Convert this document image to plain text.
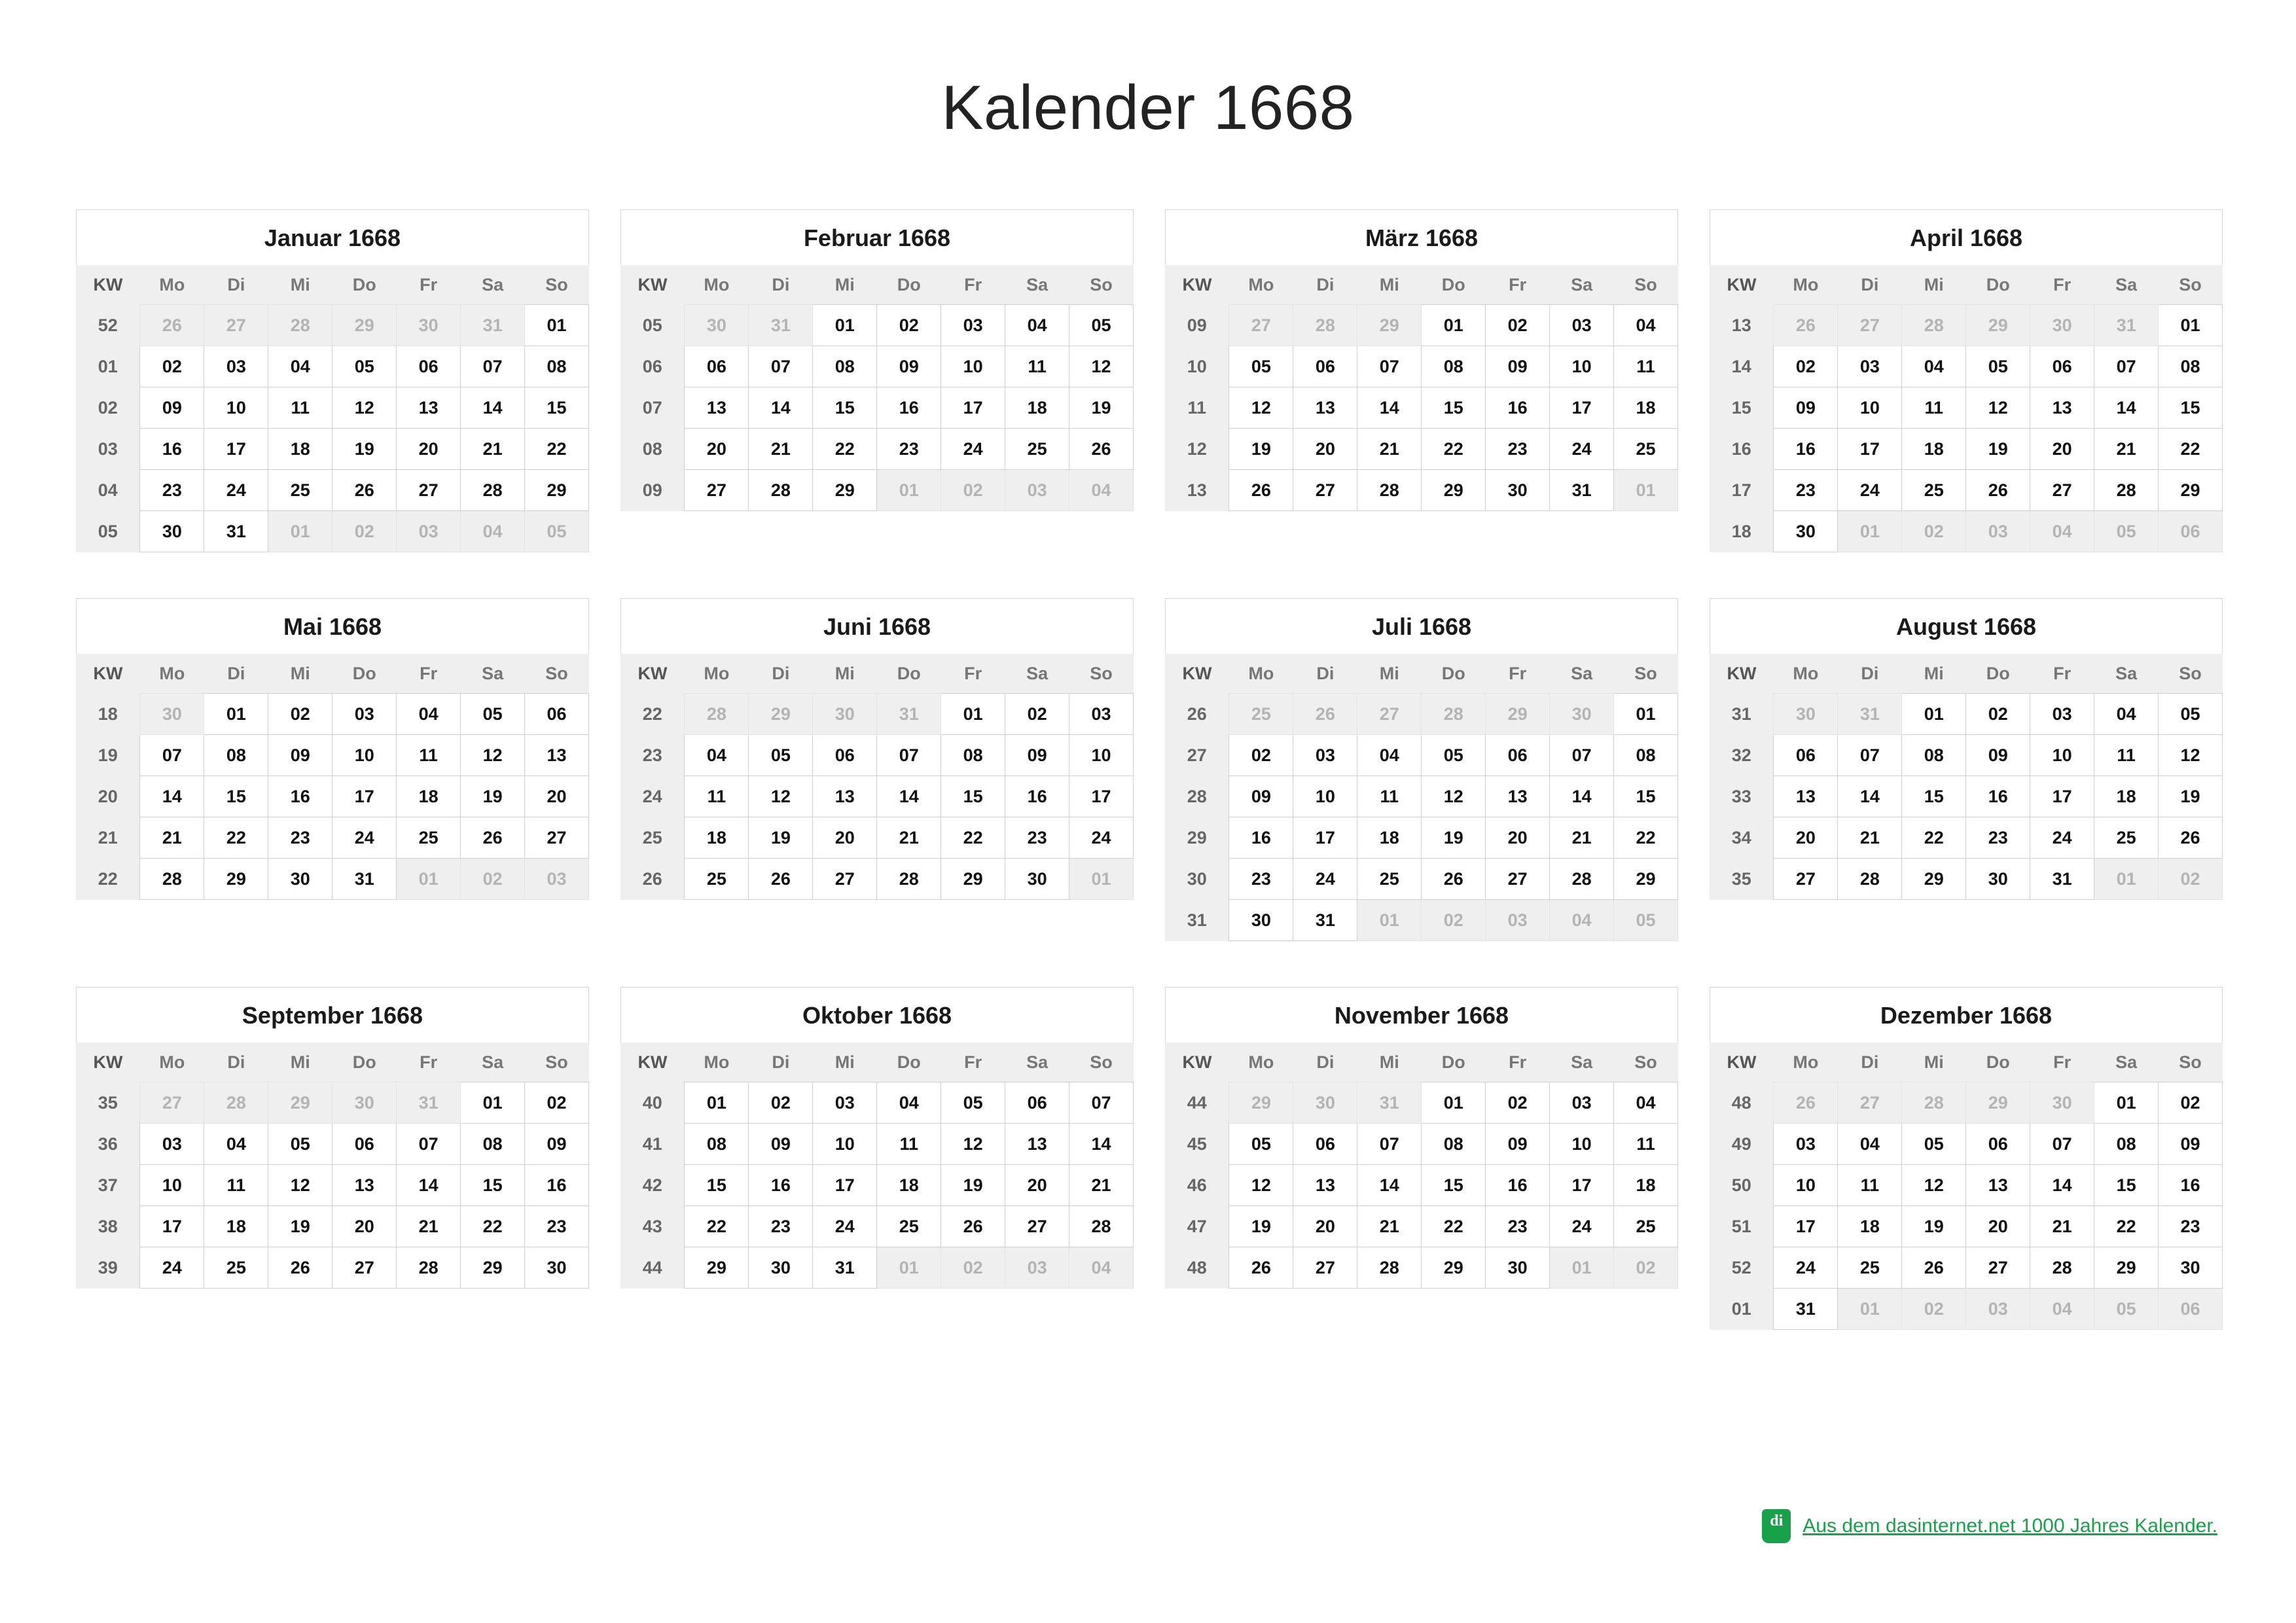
Kalender 1668
Januar 1668
KW	Mo	Di	Mi	Do	Fr	Sa	So
52	26	27	28	29	30	31	01
01	02	03	04	05	06	07	08
02	09	10	11	12	13	14	15
03	16	17	18	19	20	21	22
04	23	24	25	26	27	28	29
05	30	31	01	02	03	04	05
Februar 1668
KW	Mo	Di	Mi	Do	Fr	Sa	So
05	30	31	01	02	03	04	05
06	06	07	08	09	10	11	12
07	13	14	15	16	17	18	19
08	20	21	22	23	24	25	26
09	27	28	29	01	02	03	04
März 1668
KW	Mo	Di	Mi	Do	Fr	Sa	So
09	27	28	29	01	02	03	04
10	05	06	07	08	09	10	11
11	12	13	14	15	16	17	18
12	19	20	21	22	23	24	25
13	26	27	28	29	30	31	01
April 1668
KW	Mo	Di	Mi	Do	Fr	Sa	So
13	26	27	28	29	30	31	01
14	02	03	04	05	06	07	08
15	09	10	11	12	13	14	15
16	16	17	18	19	20	21	22
17	23	24	25	26	27	28	29
18	30	01	02	03	04	05	06
Mai 1668
KW	Mo	Di	Mi	Do	Fr	Sa	So
18	30	01	02	03	04	05	06
19	07	08	09	10	11	12	13
20	14	15	16	17	18	19	20
21	21	22	23	24	25	26	27
22	28	29	30	31	01	02	03
Juni 1668
KW	Mo	Di	Mi	Do	Fr	Sa	So
22	28	29	30	31	01	02	03
23	04	05	06	07	08	09	10
24	11	12	13	14	15	16	17
25	18	19	20	21	22	23	24
26	25	26	27	28	29	30	01
Juli 1668
KW	Mo	Di	Mi	Do	Fr	Sa	So
26	25	26	27	28	29	30	01
27	02	03	04	05	06	07	08
28	09	10	11	12	13	14	15
29	16	17	18	19	20	21	22
30	23	24	25	26	27	28	29
31	30	31	01	02	03	04	05
August 1668
KW	Mo	Di	Mi	Do	Fr	Sa	So
31	30	31	01	02	03	04	05
32	06	07	08	09	10	11	12
33	13	14	15	16	17	18	19
34	20	21	22	23	24	25	26
35	27	28	29	30	31	01	02
September 1668
KW	Mo	Di	Mi	Do	Fr	Sa	So
35	27	28	29	30	31	01	02
36	03	04	05	06	07	08	09
37	10	11	12	13	14	15	16
38	17	18	19	20	21	22	23
39	24	25	26	27	28	29	30
Oktober 1668
KW	Mo	Di	Mi	Do	Fr	Sa	So
40	01	02	03	04	05	06	07
41	08	09	10	11	12	13	14
42	15	16	17	18	19	20	21
43	22	23	24	25	26	27	28
44	29	30	31	01	02	03	04
November 1668
KW	Mo	Di	Mi	Do	Fr	Sa	So
44	29	30	31	01	02	03	04
45	05	06	07	08	09	10	11
46	12	13	14	15	16	17	18
47	19	20	21	22	23	24	25
48	26	27	28	29	30	01	02
Dezember 1668
KW	Mo	Di	Mi	Do	Fr	Sa	So
48	26	27	28	29	30	01	02
49	03	04	05	06	07	08	09
50	10	11	12	13	14	15	16
51	17	18	19	20	21	22	23
52	24	25	26	27	28	29	30
01	31	01	02	03	04	05	06
di
Aus dem dasinternet.net 1000 Jahres Kalender.
